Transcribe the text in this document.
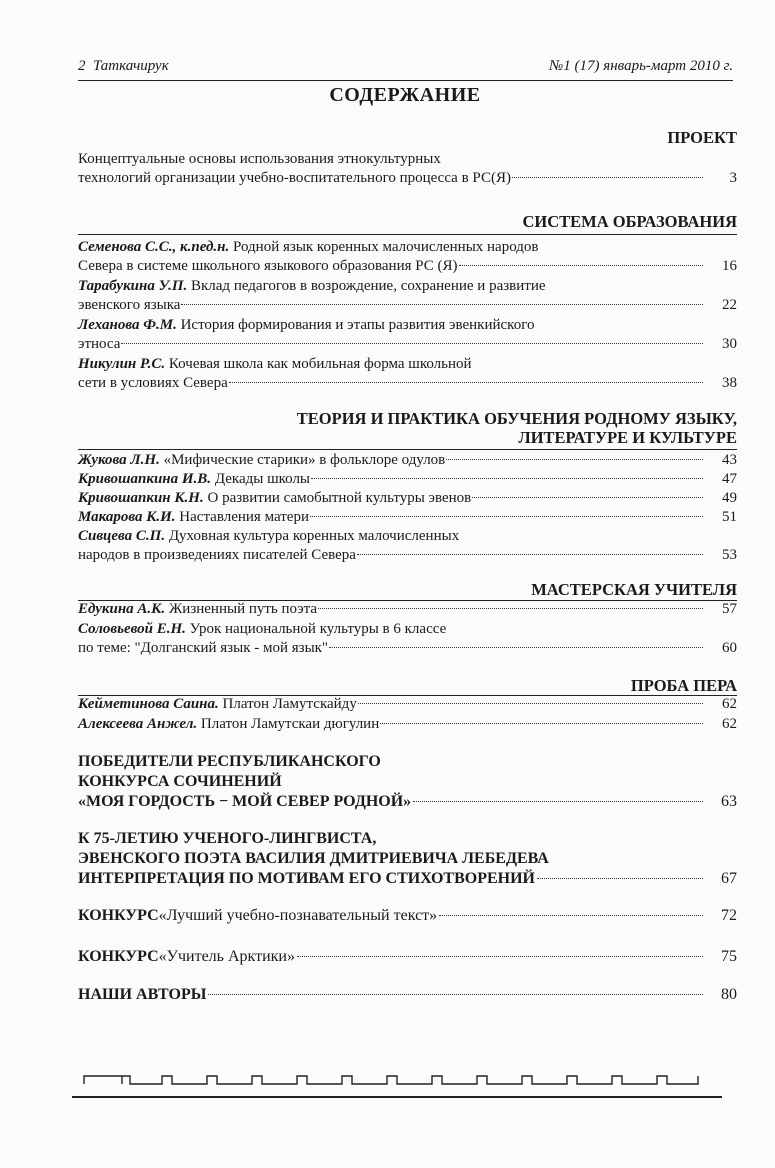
2 Таткачирук	№1 (17) январь-март 2010 г.
СОДЕРЖАНИЕ
ПРОЕКТ
Концептуальные основы использования этнокультурных
технологий организации учебно-воспитательного процесса в РС(Я)	3
СИСТЕМА ОБРАЗОВАНИЯ
Семенова С.С., к.пед.н. Родной язык коренных малочисленных народов
Севера в системе школьного языкового образования РС (Я)	16
Тарабукина У.П. Вклад педагогов в возрождение, сохранение и развитие
эвенского языка	22
Леханова Ф.М. История формирования и этапы развития эвенкийского
этноса	30
Никулин Р.С. Кочевая школа как мобильная форма школьной
сети в условиях Севера	38
ТЕОРИЯ И ПРАКТИКА ОБУЧЕНИЯ РОДНОМУ ЯЗЫКУ,
ЛИТЕРАТУРЕ И КУЛЬТУРЕ
Жукова Л.Н. «Мифические старики» в фольклоре одулов	43
Кривошапкина И.В. Декады школы	47
Кривошапкин К.Н. О развитии самобытной культуры эвенов	49
Макарова К.И. Наставления матери	51
Сивцева С.П. Духовная культура коренных малочисленных
народов в произведениях писателей Севера	53
МАСТЕРСКАЯ УЧИТЕЛЯ
Едукина А.К. Жизненный путь поэта	57
Соловьевой Е.Н. Урок национальной культуры в 6 классе
по теме: "Долганский язык - мой язык"	60
ПРОБА ПЕРА
Кейметинова Саина. Платон Ламутскайду	62
Алексеева Анжел. Платон Ламутскаи дюгулин	62
ПОБЕДИТЕЛИ РЕСПУБЛИКАНСКОГО
КОНКУРСА СОЧИНЕНИЙ
«МОЯ ГОРДОСТЬ − МОЙ СЕВЕР РОДНОЙ»	63
К 75-ЛЕТИЮ УЧЕНОГО-ЛИНГВИСТА,
ЭВЕНСКОГО ПОЭТА ВАСИЛИЯ ДМИТРИЕВИЧА ЛЕБЕДЕВА
ИНТЕРПРЕТАЦИЯ ПО МОТИВАМ ЕГО СТИХОТВОРЕНИЙ	67
КОНКУРС «Лучший учебно-познавательный текст»	72
КОНКУРС «Учитель Арктики»	75
НАШИ АВТОРЫ	80
